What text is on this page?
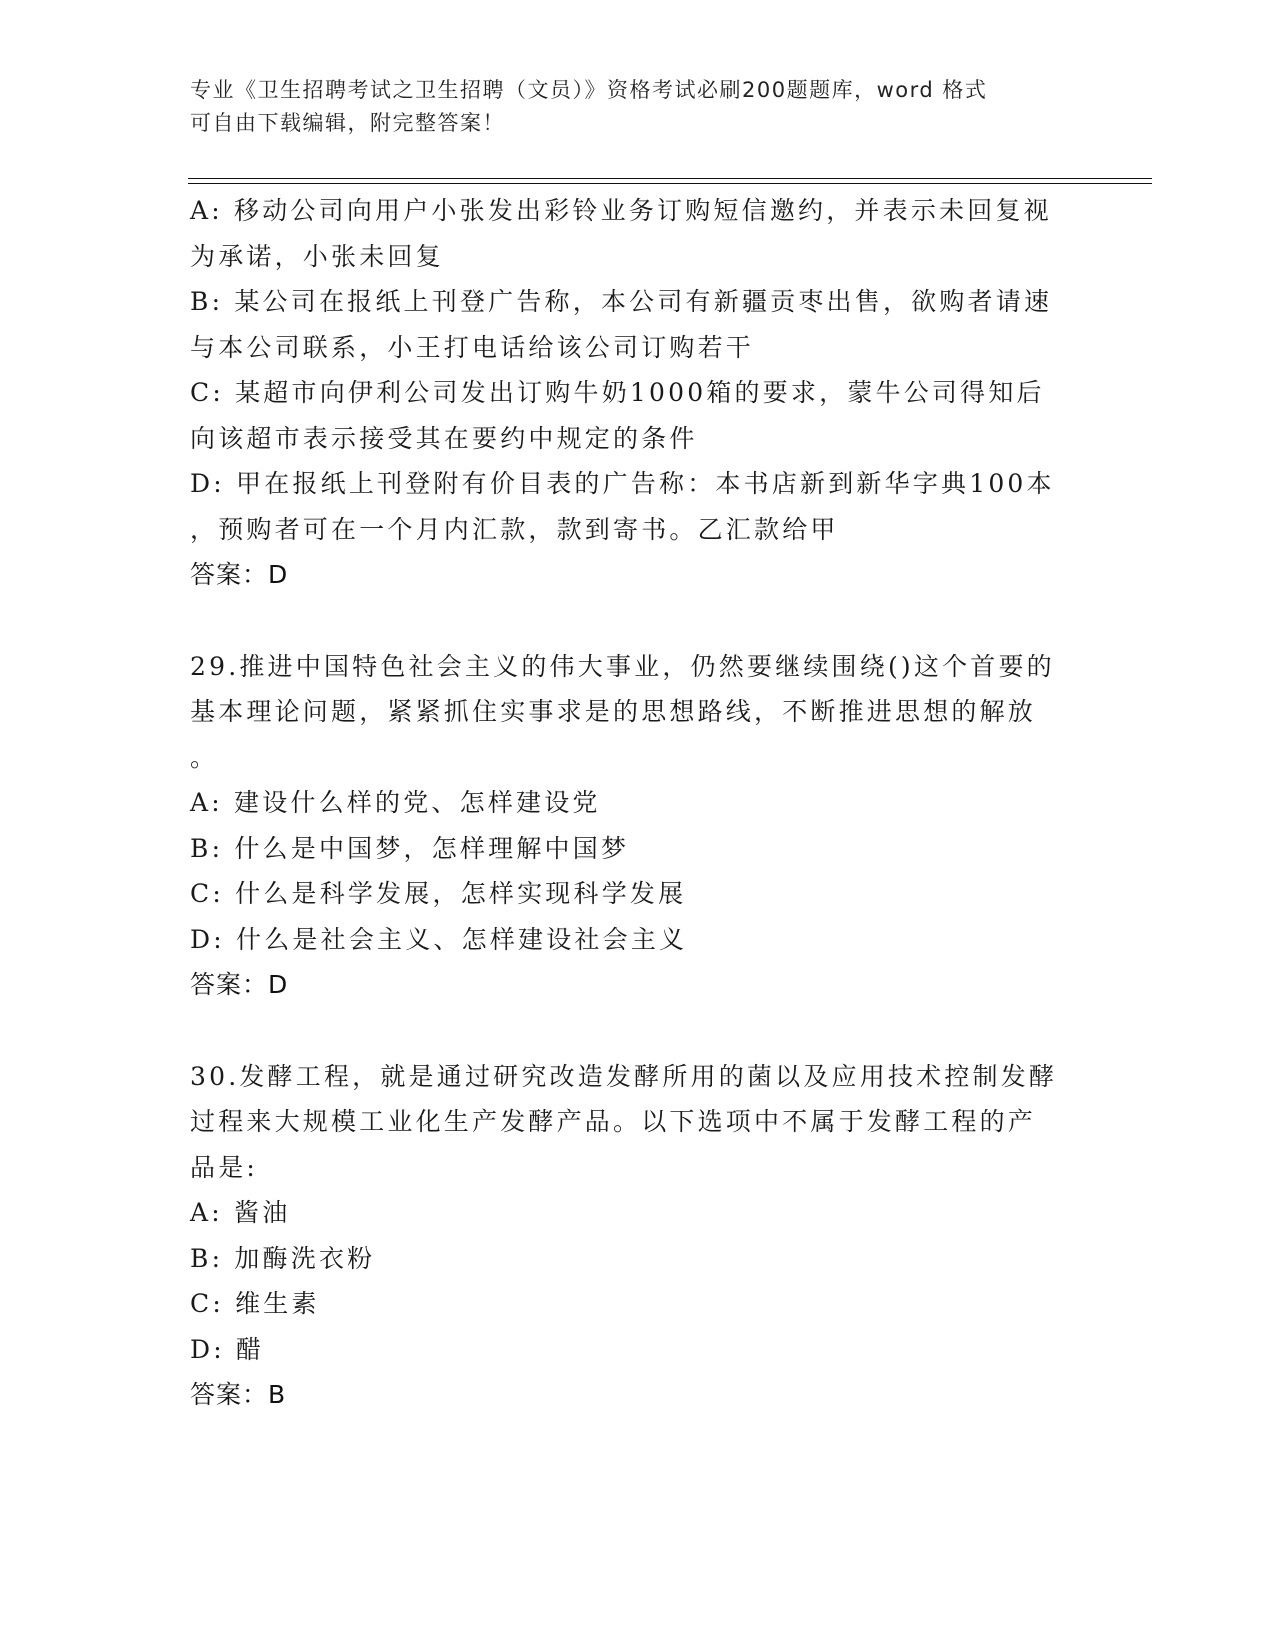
专业《卫生招聘考试之卫生招聘（文员）》资格考试必刷200题题库，word 格式
可自由下载编辑，附完整答案！
A: 移动公司向用户小张发出彩铃业务订购短信邀约，并表示未回复视
为承诺，小张未回复
B: 某公司在报纸上刊登广告称，本公司有新疆贡枣出售，欲购者请速
与本公司联系，小王打电话给该公司订购若干
C: 某超市向伊利公司发出订购牛奶1000箱的要求，蒙牛公司得知后
向该超市表示接受其在要约中规定的条件
D: 甲在报纸上刊登附有价目表的广告称：本书店新到新华字典100本
，预购者可在一个月内汇款，款到寄书。乙汇款给甲
答案：D
29.推进中国特色社会主义的伟大事业，仍然要继续围绕()这个首要的
基本理论问题，紧紧抓住实事求是的思想路线，不断推进思想的解放
。
A: 建设什么样的党、怎样建设党
B: 什么是中国梦，怎样理解中国梦
C: 什么是科学发展，怎样实现科学发展
D: 什么是社会主义、怎样建设社会主义
答案：D
30.发酵工程，就是通过研究改造发酵所用的菌以及应用技术控制发酵
过程来大规模工业化生产发酵产品。以下选项中不属于发酵工程的产
品是:
A: 酱油
B: 加酶洗衣粉
C: 维生素
D: 醋
答案：B
